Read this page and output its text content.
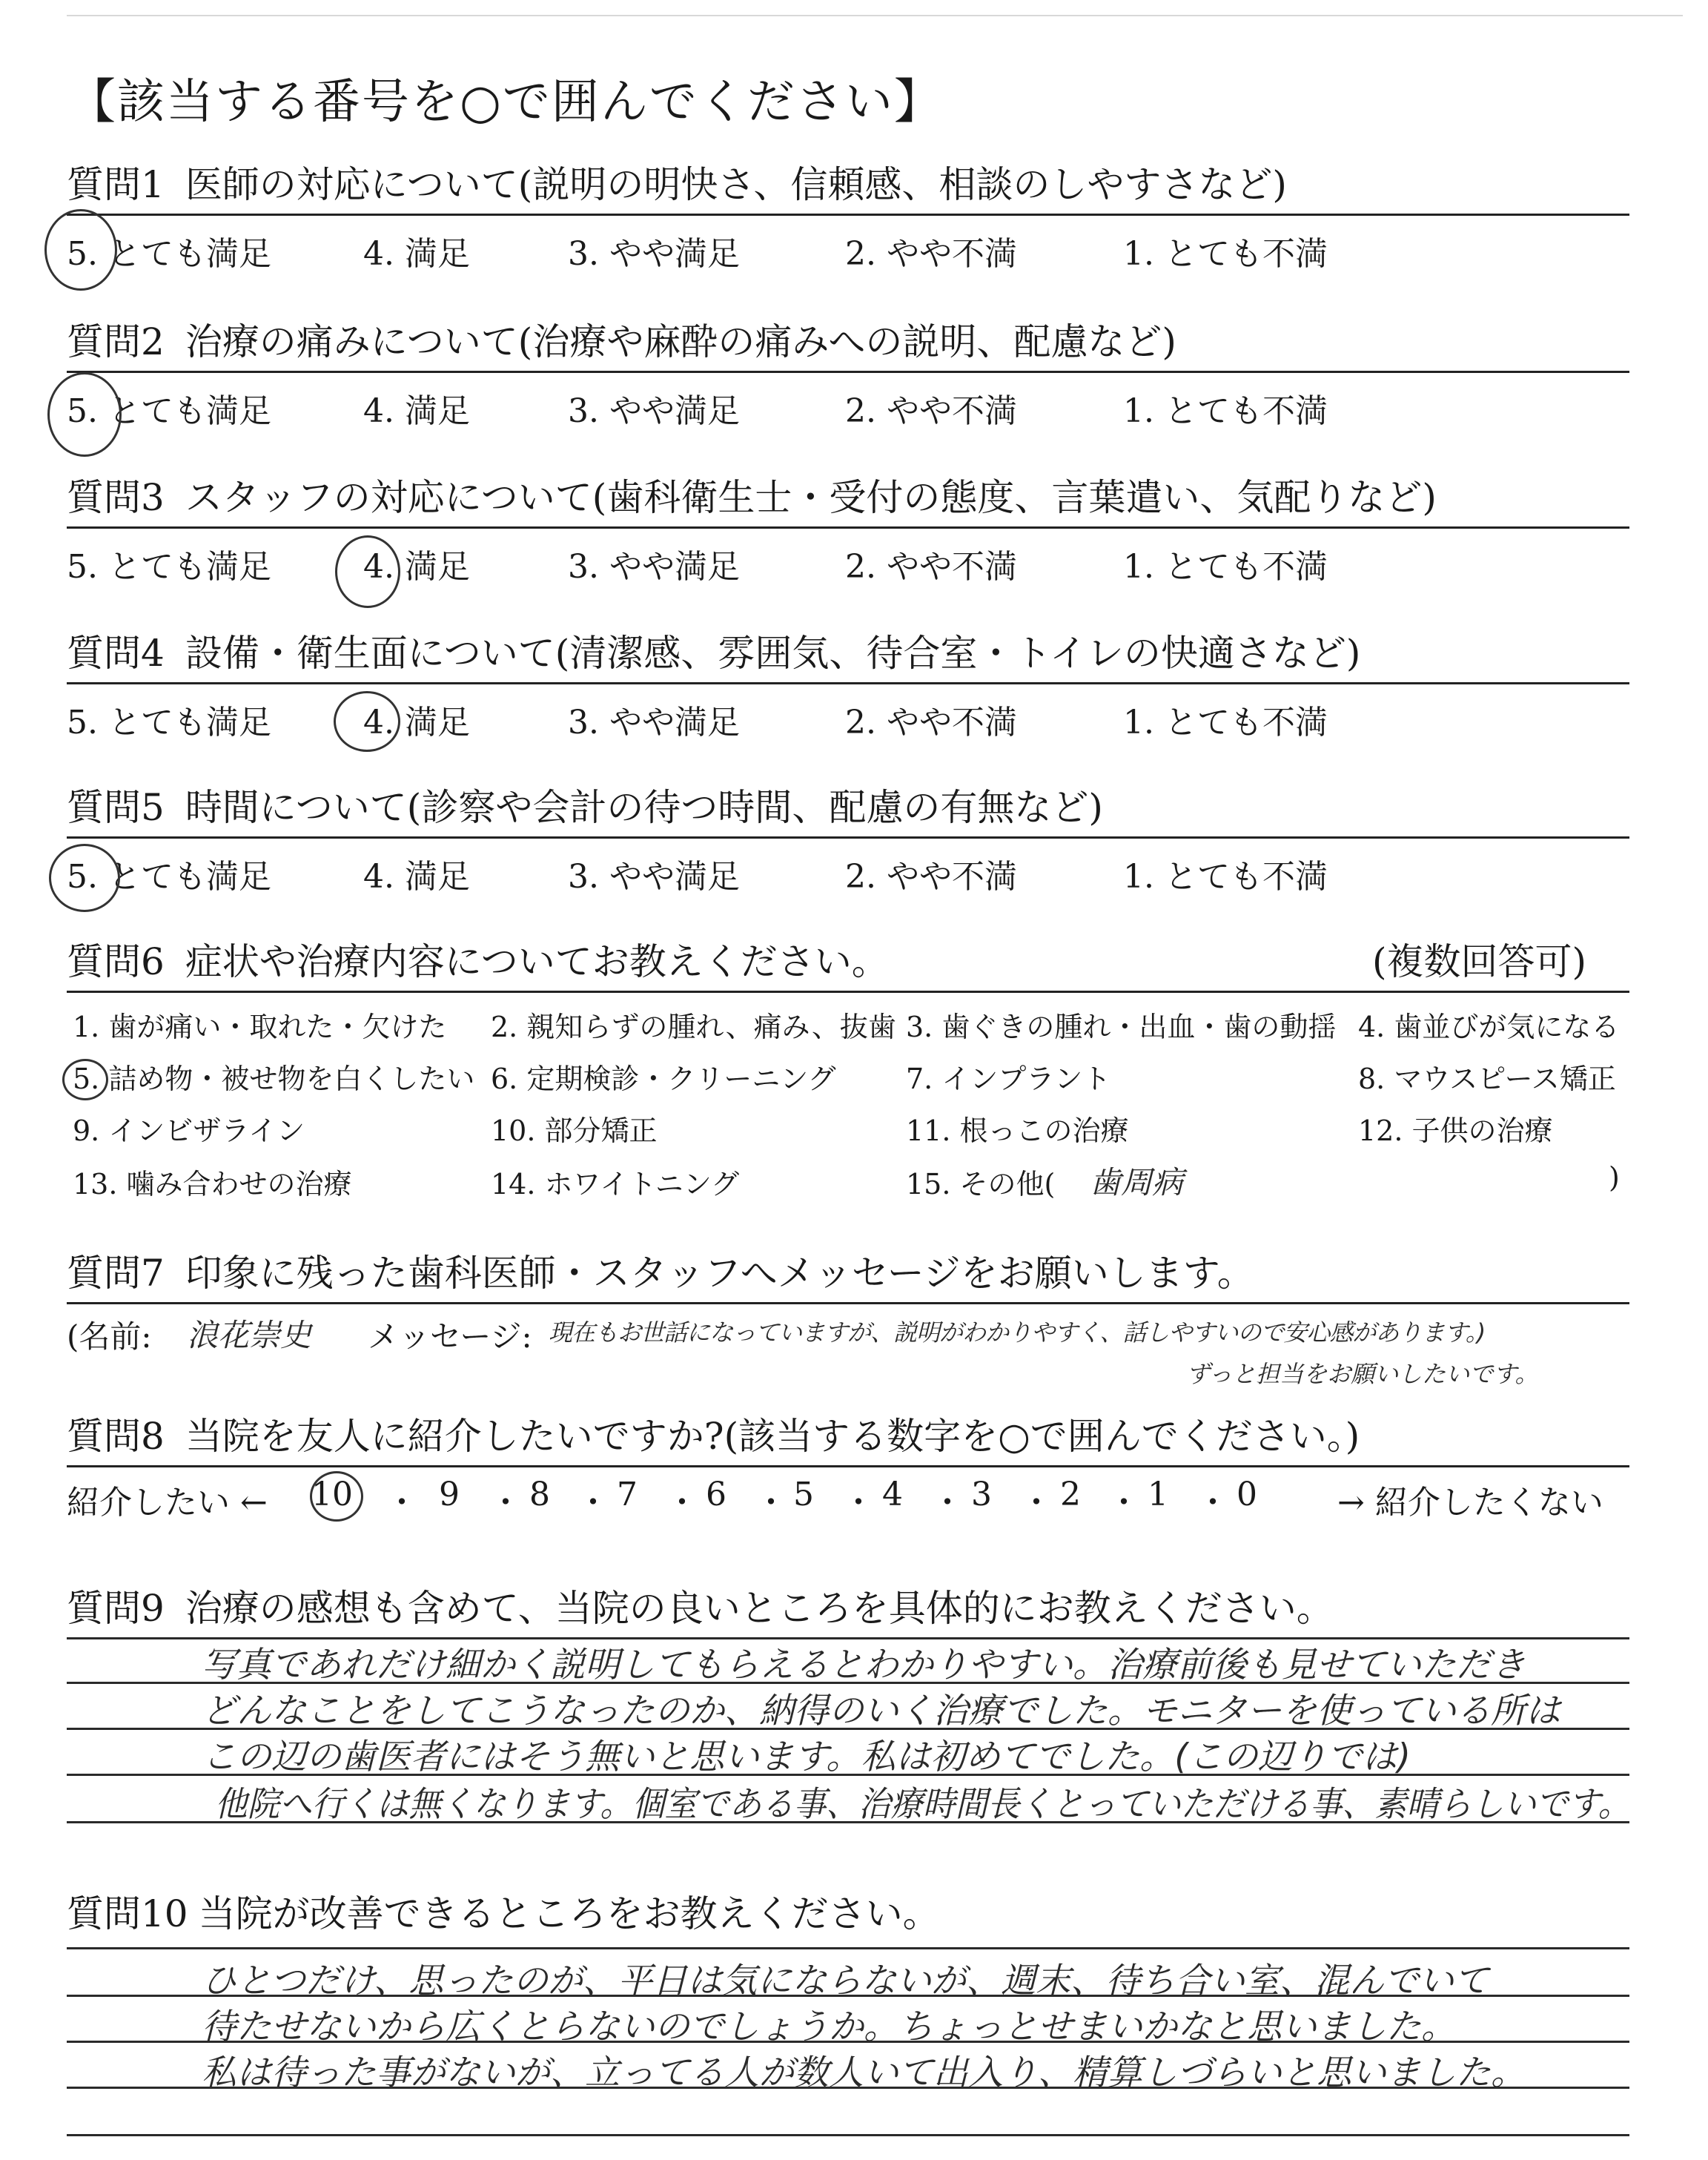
【該当する番号を○で囲んでください】
質問1 医師の対応について(説明の明快さ、信頼感、相談のしやすさなど)
5. とても満足	4. 満足	3. やや満足	2. やや不満	1. とても不満
質問2 治療の痛みについて(治療や麻酔の痛みへの説明、配慮など)
5. とても満足	4. 満足	3. やや満足	2. やや不満	1. とても不満
質問3 スタッフの対応について(歯科衛生士・受付の態度、言葉遣い、気配りなど)
5. とても満足	4. 満足	3. やや満足	2. やや不満	1. とても不満
質問4 設備・衛生面について(清潔感、雰囲気、待合室・トイレの快適さなど)
5. とても満足	4. 満足	3. やや満足	2. やや不満	1. とても不満
質問5 時間について(診察や会計の待つ時間、配慮の有無など)
5. とても満足	4. 満足	3. やや満足	2. やや不満	1. とても不満
質問6 症状や治療内容についてお教えください。	(複数回答可)
1. 歯が痛い・取れた・欠けた 2. 親知らずの腫れ、痛み、抜歯 3. 歯ぐきの腫れ・出血・歯の動揺 4. 歯並びが気になる
5. 詰め物・被せ物を白くしたい 6. 定期検診・クリーニング 7. インプラント	8. マウスピース矯正
9. インビザライン	10. 部分矯正	11. 根っこの治療	12. 子供の治療
13. 噛み合わせの治療	14. ホワイトニング	15. その他( 歯周病	)
質問7 印象に残った歯科医師・スタッフへメッセージをお願いします。
(名前: 浪花崇史 メッセージ: 現在もお世話になっていますが、説明がわかりやすく、話しやすいので安心感があります。)
ずっと担当をお願いしたいです。
質問8 当院を友人に紹介したいですか?(該当する数字を○で囲んでください。)
紹介したい ← 10 ・ 9 ・ 8 ・ 7 ・ 6 ・ 5 ・ 4 ・ 3 ・ 2 ・ 1 ・ 0 → 紹介したくない
質問9 治療の感想も含めて、当院の良いところを具体的にお教えください。
写真であれだけ細かく説明してもらえるとわかりやすい。治療前後も見せていただき
どんなことをしてこうなったのか、納得のいく治療でした。モニターを使っている所は
この辺の歯医者にはそう無いと思います。私は初めてでした。(この辺りでは)
他院へ行くは無くなります。個室である事、治療時間長くとっていただける事、素晴らしいです。
質問10 当院が改善できるところをお教えください。
ひとつだけ、思ったのが、平日は気にならないが、週末、待ち合い室、混んでいて
待たせないから広くとらないのでしょうか。ちょっとせまいかなと思いました。
私は待った事がないが、立ってる人が数人いて出入り、精算しづらいと思いました。
